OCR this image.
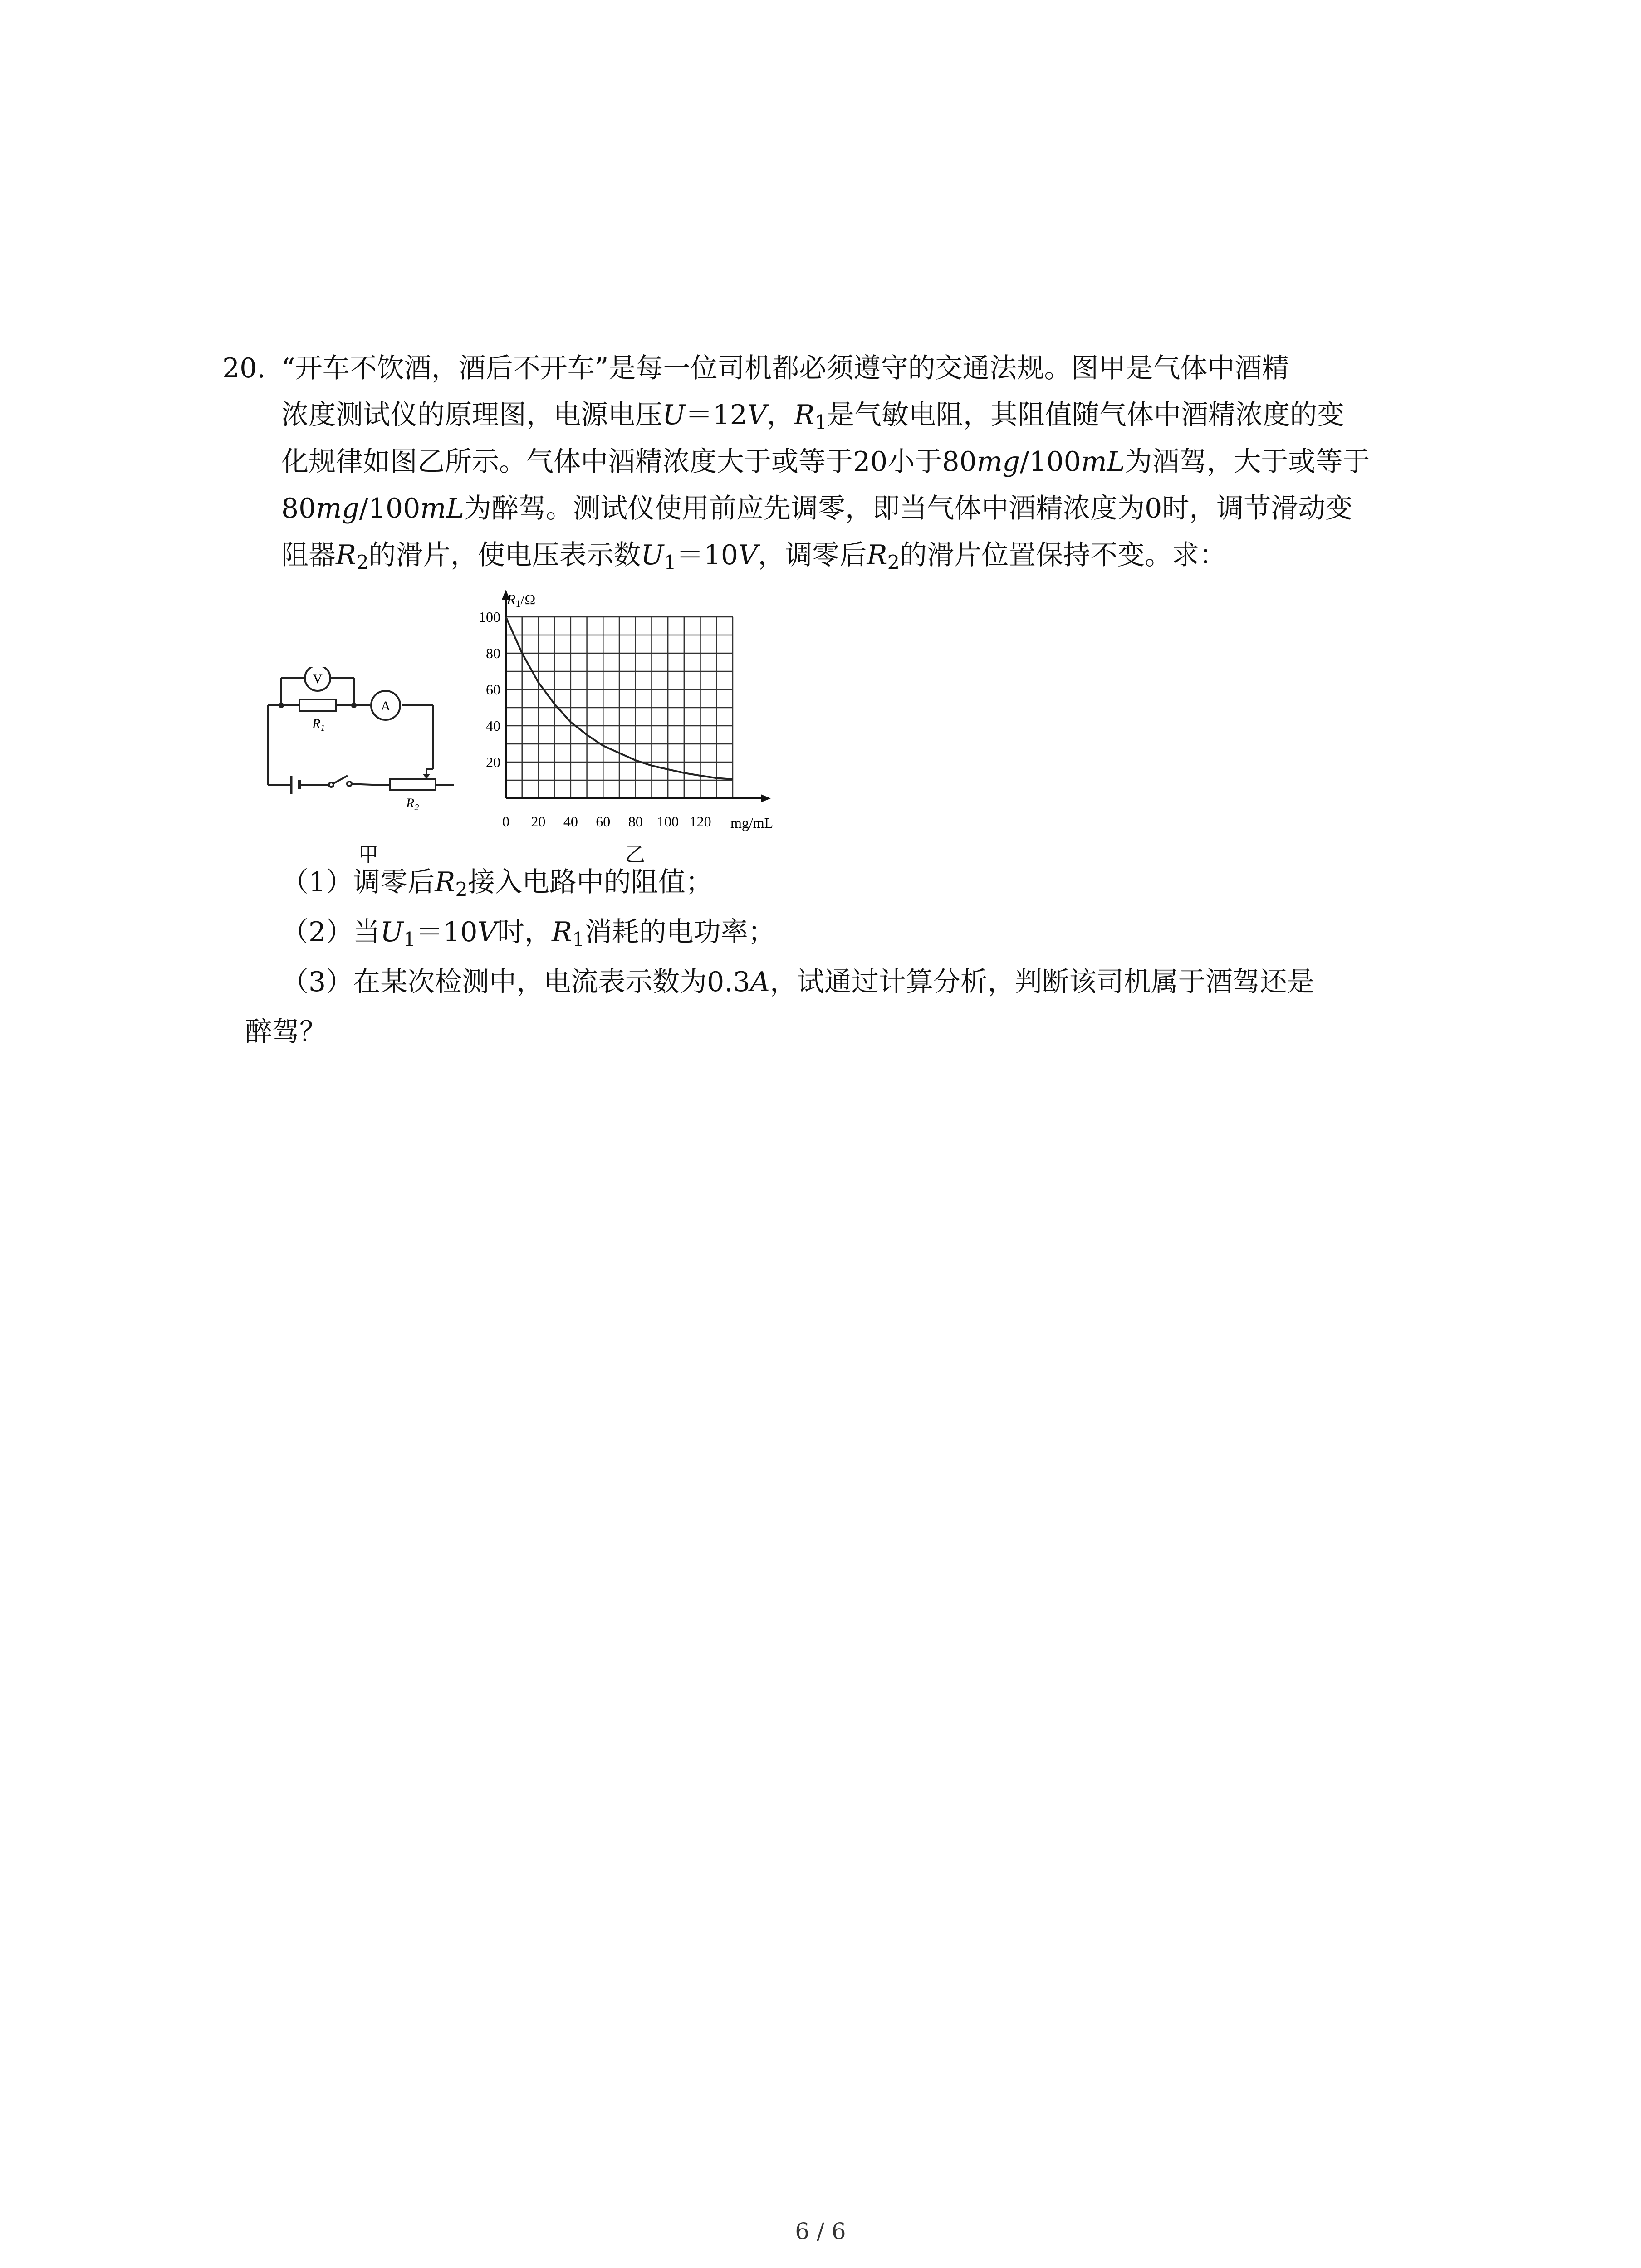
20. “开车不饮酒，酒后不开车”是每一位司机都必须遵守的交通法规。图甲是气体中酒精
浓度测试仪的原理图，电源电压U＝12V，$R_1$是气敏电阻，其阻值随气体中酒精浓度的变
化规律如图乙所示。气体中酒精浓度大于或等于20小于80mg/100mL为酒驾，大于或等于
80mg/100mL为醉驾。测试仪使用前应先调零，即当气体中酒精浓度为0时，调节滑动变
阻器$R_2$的滑片，使电压表示数$U_1=10V$，调零后$R_2$的滑片位置保持不变。求：
V
$R_1$
A
$R_2$
甲
20
40
60
80
100
0 20 40 60 80 100 120
R1/Ω
mg/mL
乙
（1）调零后$R_2$接入电路中的阻值；
（2）当$U_1=10V$时，$R_1$消耗的电功率；
（3）在某次检测中，电流表示数为0.3A，试通过计算分析，判断该司机属于酒驾还是
醉驾？
6 / 6
